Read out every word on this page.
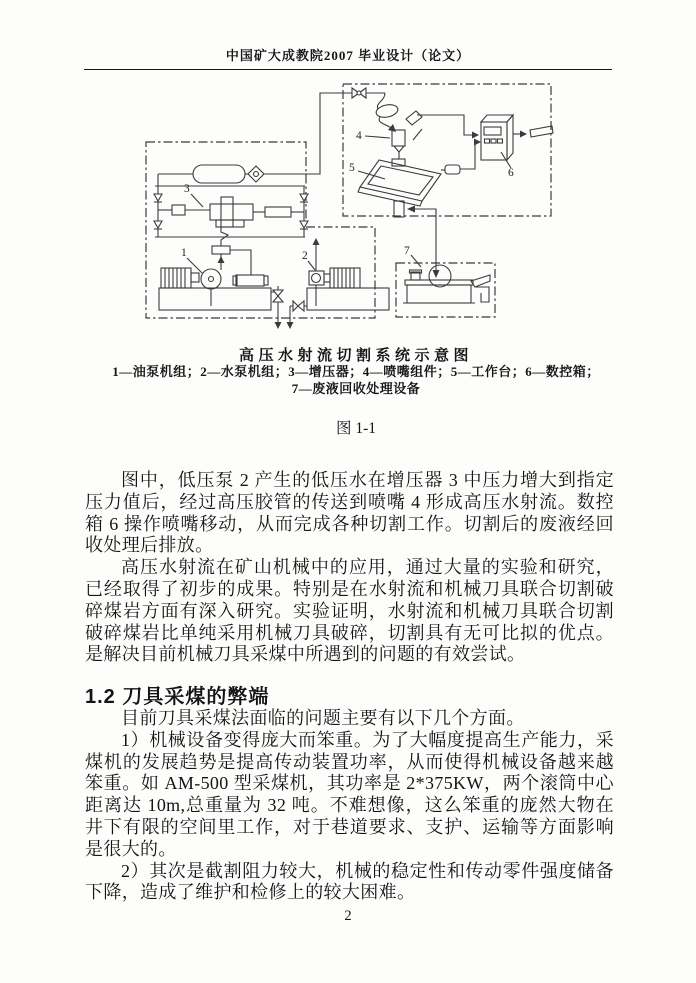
中国矿大成教院2007 毕业设计（论文）
1	2
3
4
5	6
7
高压水射流切割系统示意图
1—油泵机组；2—水泵机组；3—增压器；4—喷嘴组件；5—工作台；6—数控箱；
7—废液回收处理设备
图 1-1

图中，低压泵 2 产生的低压水在增压器 3 中压力增大到指定压力值后，经过高压胶管的传送到喷嘴 4 形成高压水射流。数控箱 6 操作喷嘴移动，从而完成各种切割工作。切割后的废液经回收处理后排放。

高压水射流在矿山机械中的应用，通过大量的实验和研究，已经取得了初步的成果。特别是在水射流和机械刀具联合切割破碎煤岩方面有深入研究。实验证明，水射流和机械刀具联合切割破碎煤岩比单纯采用机械刀具破碎，切割具有无可比拟的优点。是解决目前机械刀具采煤中所遇到的问题的有效尝试。

1.2 刀具采煤的弊端

目前刀具采煤法面临的问题主要有以下几个方面。

1）机械设备变得庞大而笨重。为了大幅度提高生产能力，采煤机的发展趋势是提高传动装置功率，从而使得机械设备越来越笨重。如 AM-500 型采煤机，其功率是 2*375KW，两个滚筒中心距离达 10m,总重量为 32 吨。不难想像，这么笨重的庞然大物在井下有限的空间里工作，对于巷道要求、支护、运输等方面影响是很大的。

2）其次是截割阻力较大，机械的稳定性和传动零件强度储备下降，造成了维护和检修上的较大困难。

2
